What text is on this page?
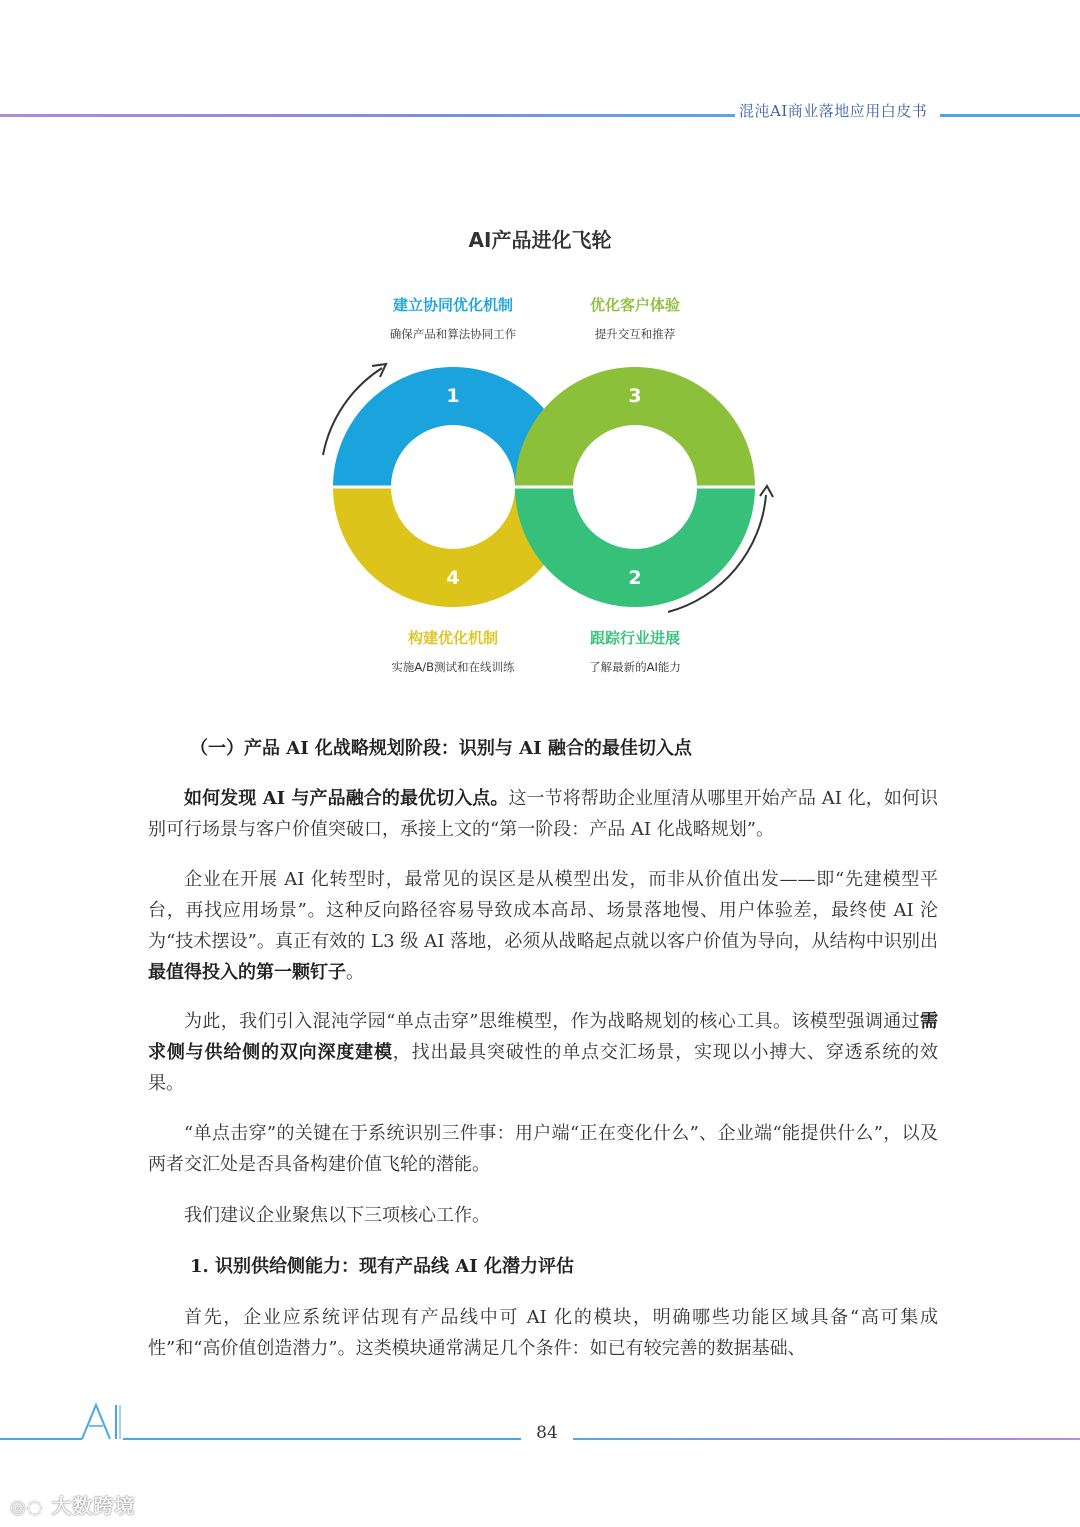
混沌AI商业落地应用白皮书
AI产品进化飞轮
1	3
4	2
建立协同优化机制
确保产品和算法协同工作
优化客户体验
提升交互和推荐
构建优化机制
实施A/B测试和在线训练
跟踪行业进展
了解最新的AI能力
（一）产品 AI 化战略规划阶段：识别与 AI 融合的最佳切入点
如何发现 AI 与产品融合的最优切入点。这一节将帮助企业厘清从哪里开始产品 AI 化，如何识别可行场景与客户价值突破口，承接上文的“第一阶段：产品 AI 化战略规划”。
企业在开展 AI 化转型时，最常见的误区是从模型出发，而非从价值出发——即“先建模型平台，再找应用场景”。这种反向路径容易导致成本高昂、场景落地慢、用户体验差，最终使 AI 沦为“技术摆设”。真正有效的 L3 级 AI 落地，必须从战略起点就以客户价值为导向，从结构中识别出最值得投入的第一颗钉子。
为此，我们引入混沌学园“单点击穿”思维模型，作为战略规划的核心工具。该模型强调通过需求侧与供给侧的双向深度建模，找出最具突破性的单点交汇场景，实现以小搏大、穿透系统的效果。
“单点击穿”的关键在于系统识别三件事：用户端“正在变化什么”、企业端“能提供什么”，以及两者交汇处是否具备构建价值飞轮的潜能。
我们建议企业聚焦以下三项核心工作。
1. 识别供给侧能力：现有产品线 AI 化潜力评估
首先，企业应系统评估现有产品线中可 AI 化的模块，明确哪些功能区域具备“高可集成性”和“高价值创造潜力”。这类模块通常满足几个条件：如已有较完善的数据基础、
84
◎◌ 大数跨境
